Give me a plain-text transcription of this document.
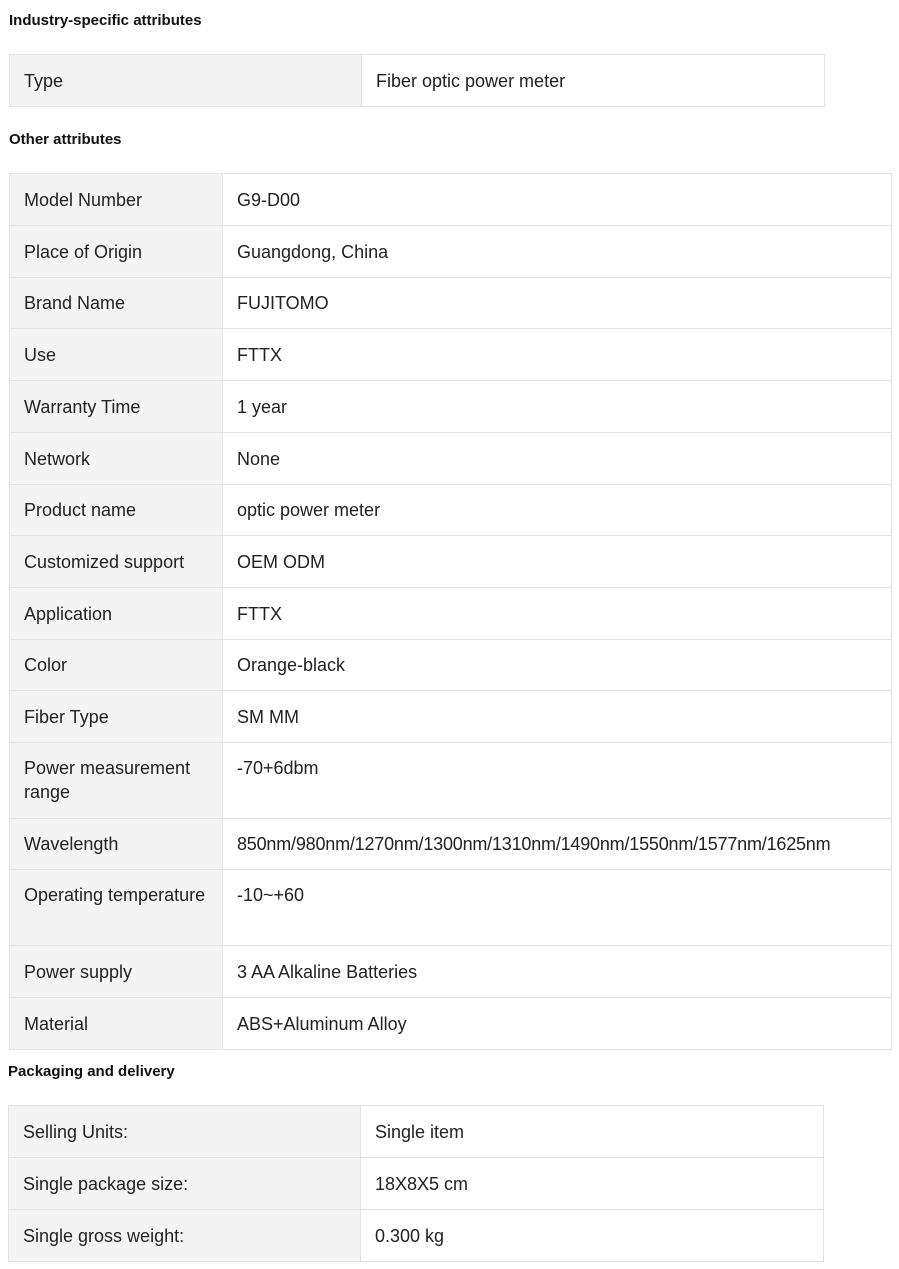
Industry-specific attributes
Type	Fiber optic power meter
Other attributes
Model Number	G9-D00
Place of Origin	Guangdong, China
Brand Name	FUJITOMO
Use	FTTX
Warranty Time	1 year
Network	None
Product name	optic power meter
Customized support	OEM ODM
Application	FTTX
Color	Orange-black
Fiber Type	SM MM
Power measurement range	-70+6dbm
Wavelength	850nm/980nm/1270nm/1300nm/1310nm/1490nm/1550nm/1577nm/1625nm
Operating temperature	-10~+60
Power supply	3 AA Alkaline Batteries
Material	ABS+Aluminum Alloy
Packaging and delivery
Selling Units:	Single item
Single package size:	18X8X5 cm
Single gross weight:	0.300 kg
